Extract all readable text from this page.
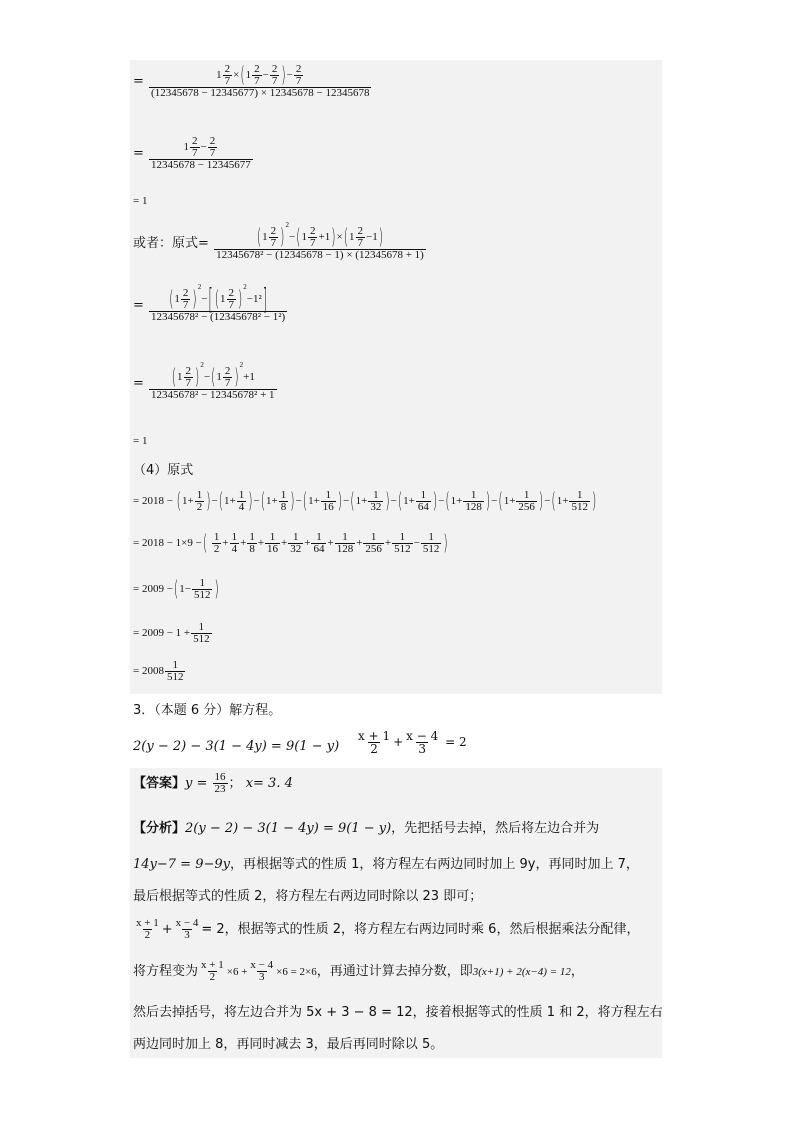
= $\frac{1 \frac{2}{7} \times( 1 \frac{2}{7} - \frac{2}{7} )- \frac{2}{7}}{(12345678 - 12345677) \times 12345678 - 12345678}$
= $\frac{1 \frac{2}{7} - \frac{2}{7}}{12345678 - 12345677}$
= 1
或者：原式= $\frac{( 1 \frac{2}{7} )^2-( 1 \frac{2}{7} +1)\times( 1 \frac{2}{7} -1)}{\text{12345678² − (12345678 − 1) × (12345678 + 1)}}$
= $\frac{( 1 \frac{2}{7} )^2-[ ( 1 \frac{2}{7} )^2-1^2]}{\text{12345678² − (12345678² − 1²)}}$
= $\frac{( 1 \frac{2}{7} )^2-( 1 \frac{2}{7} )^2+1}{\text{12345678² − 12345678² + 1}}$
= 1
（4）原式
= $2018 - (1+ \frac{1}{2} )-(1+ \frac{1}{4} )-(1+ \frac{1}{8} )-(1+ \frac{1}{16} )-(1+ \frac{1}{32} )-(1+ \frac{1}{64} )-(1+ \frac{1}{128} )-(1+ \frac{1}{256} )-(1+ \frac{1}{512}$ )
= 2018 − 1×9 −( $\frac{1}{2} + \frac{1}{4} + \frac{1}{8} + \frac{1}{16} + \frac{1}{32} + \frac{1}{64} + \frac{1}{128} + \frac{1}{256} + \frac{1}{512} - \frac{1}{512}$ )
= $2009 -(1- \frac{1}{512}$ )
= $2009 - 1 + \frac{1}{512}$
= $2008 \frac{1}{512}$
3．（本题 6 分）解方程。
$2(y - 2) - 3(1 - 4y) = 9(1 - y) \frac{x + 1}{2} + \frac{x - 4}{3} = 2$
【答案】$y = \frac{16}{23}$ ； x= 3. 4
【分析】2(y − 2) − 3(1 − 4y) = 9(1 − y)，先把括号去掉，然后将左边合并为
14y−7 = 9−9y，再根据等式的性质 1，将方程左右两边同时加上 9y，再同时加上 7，
最后根据等式的性质 2，将方程左右两边同时除以 23 即可；
$\frac{x + 1}{2} + \frac{x - 4}{3} = 2$，根据等式的性质 2，将方程左右两边同时乘 6，然后根据乘法分配律，
将方程变为 $\frac{x + 1}{2} \times 6 + \frac{x - 4}{3} \times 6 = 2\times 6$，再通过计算去掉分数，即3(x+1) + 2(x−4) = 12，
然后去掉括号，将左边合并为 5x + 3 − 8 = 12，接着根据等式的性质 1 和 2，将方程左右
两边同时加上 8，再同时减去 3，最后再同时除以 5。
